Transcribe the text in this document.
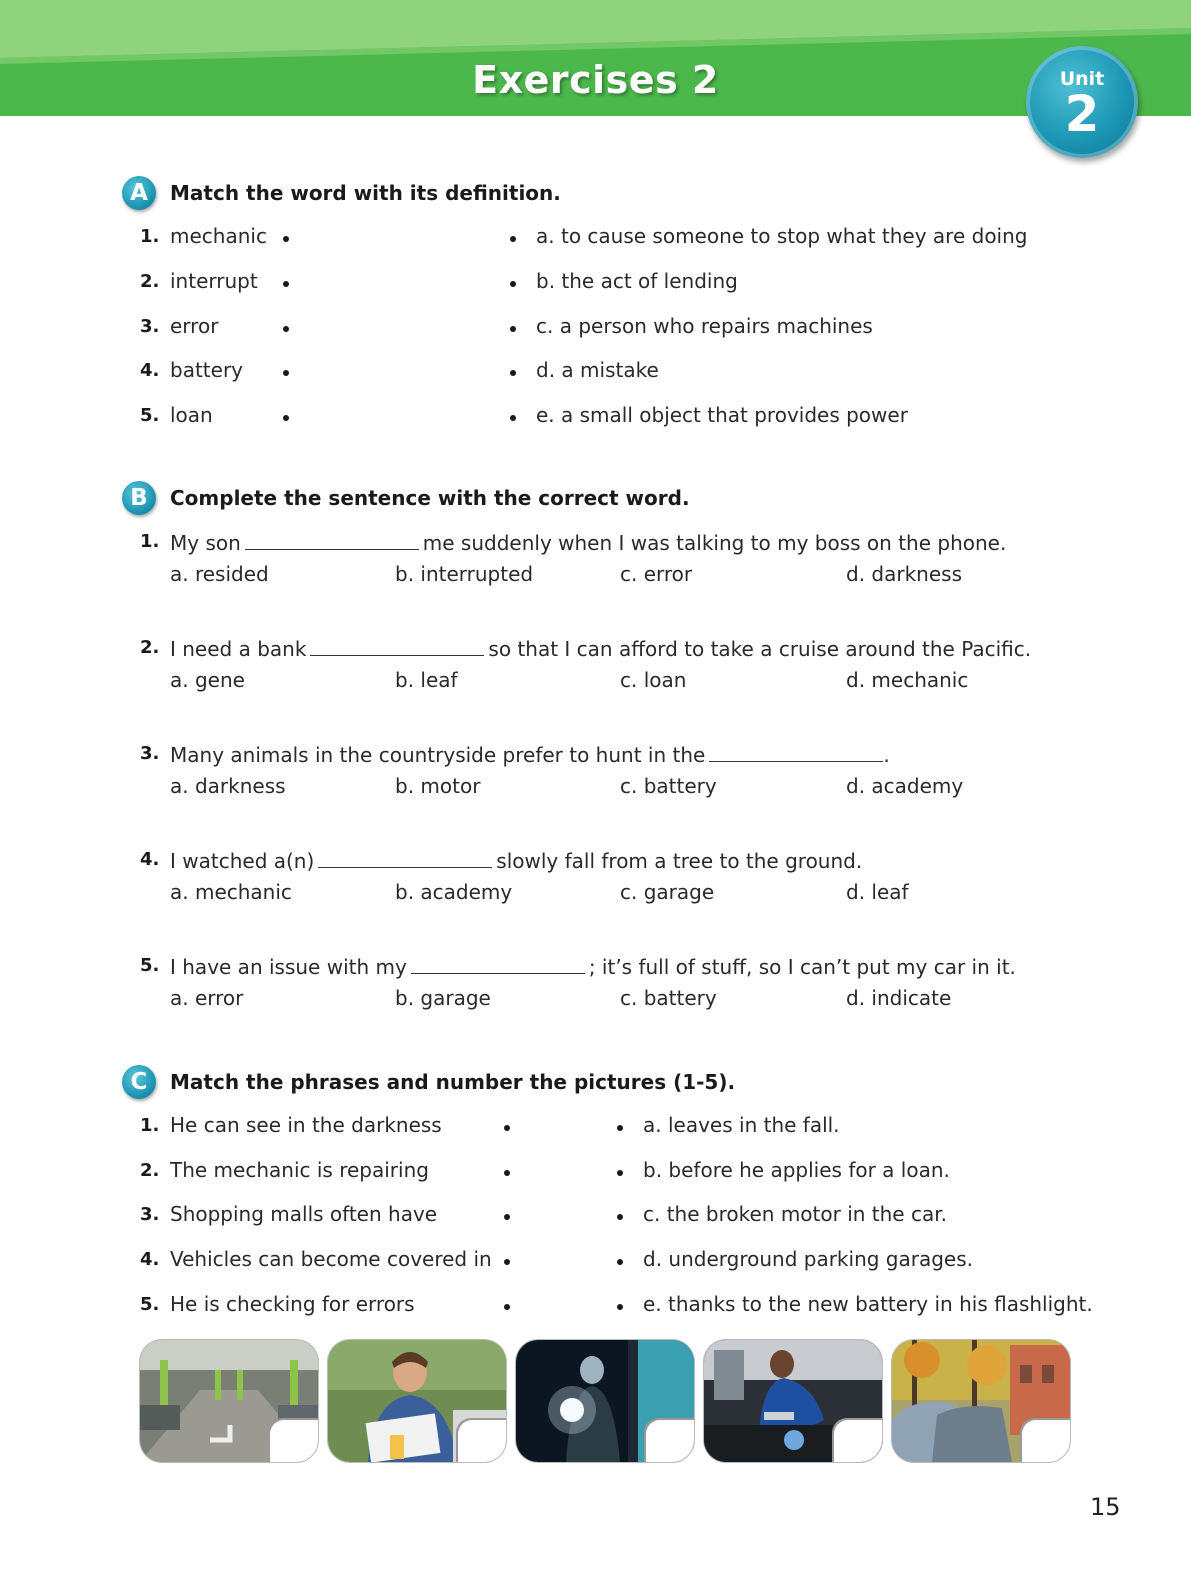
Exercises 2	Unit
2
A	Match the word with its definition.
1. mechanic	a. to cause someone to stop what they are doing
2. interrupt	b. the act of lending
3. error	c. a person who repairs machines
4. battery	d. a mistake
5. loan	e. a small object that provides power
B	Complete the sentence with the correct word.
1. My son	me suddenly when I was talking to my boss on the phone.
a. resided	b. interrupted	c. error	d. darkness
2. I need a bank	so that I can afford to take a cruise around the Pacific.
a. gene	b. leaf	c. loan	d. mechanic
3. Many animals in the countryside prefer to hunt in the	.
a. darkness	b. motor	c. battery	d. academy
4. I watched a(n)	slowly fall from a tree to the ground.
a. mechanic	b. academy	c. garage	d. leaf
5. I have an issue with my	; it’s full of stuff, so I can’t put my car in it.
a. error	b. garage	c. battery	d. indicate
C	Match the phrases and number the pictures (1-5).
1. He can see in the darkness	a. leaves in the fall.
2. The mechanic is repairing	b. before he applies for a loan.
3. Shopping malls often have	c. the broken motor in the car.
4. Vehicles can become covered in	d. underground parking garages.
5. He is checking for errors	e. thanks to the new battery in his flashlight.
15
